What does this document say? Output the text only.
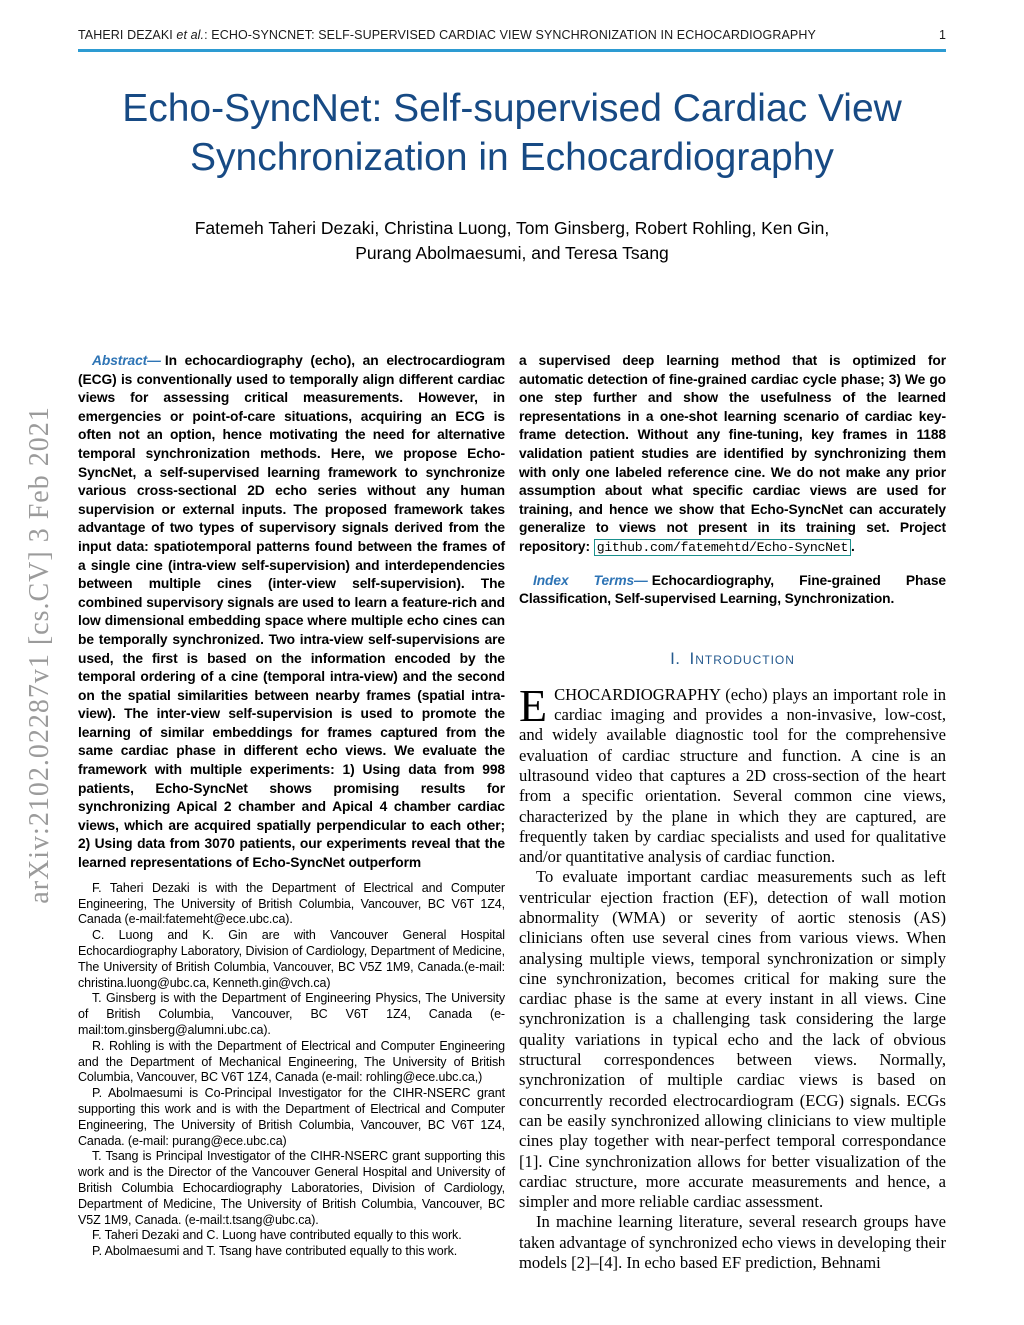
TAHERI DEZAKI et al.: ECHO-SYNCNET: SELF-SUPERVISED CARDIAC VIEW SYNCHRONIZATION IN ECHOCARDIOGRAPHY	1
arXiv:2102.02287v1 [cs.CV] 3 Feb 2021
Echo-SyncNet: Self-supervised Cardiac View
Synchronization in Echocardiography
Fatemeh Taheri Dezaki, Christina Luong, Tom Ginsberg, Robert Rohling, Ken Gin,
Purang Abolmaesumi, and Teresa Tsang

Abstract— In echocardiography (echo), an electrocardiogram (ECG) is conventionally used to temporally align different cardiac views for assessing critical measurements. However, in emergencies or point-of-care situations, acquiring an ECG is often not an option, hence motivating the need for alternative temporal synchronization methods. Here, we propose Echo-SyncNet, a self-supervised learning framework to synchronize various cross-sectional 2D echo series without any human supervision or external inputs. The proposed framework takes advantage of two types of supervisory signals derived from the input data: spatiotemporal patterns found between the frames of a single cine (intra-view self-supervision) and interdependencies between multiple cines (inter-view self-supervision). The combined supervisory signals are used to learn a feature-rich and low dimensional embedding space where multiple echo cines can be temporally synchronized. Two intra-view self-supervisions are used, the first is based on the information encoded by the temporal ordering of a cine (temporal intra-view) and the second on the spatial similarities between nearby frames (spatial intra-view). The inter-view self-supervision is used to promote the learning of similar embeddings for frames captured from the same cardiac phase in different echo views. We evaluate the framework with multiple experiments: 1) Using data from 998 patients, Echo-SyncNet shows promising results for synchronizing Apical 2 chamber and Apical 4 chamber cardiac views, which are acquired spatially perpendicular to each other; 2) Using data from 3070 patients, our experiments reveal that the learned representations of Echo-SyncNet outperform

F. Taheri Dezaki is with the Department of Electrical and Computer Engineering, The University of British Columbia, Vancouver, BC V6T 1Z4, Canada (e-mail:fatemeht@ece.ubc.ca).

C. Luong and K. Gin are with Vancouver General Hospital Echocardiography Laboratory, Division of Cardiology, Department of Medicine, The University of British Columbia, Vancouver, BC V5Z 1M9, Canada.(e-mail: christina.luong@ubc.ca, Kenneth.gin@vch.ca)

T. Ginsberg is with the Department of Engineering Physics, The University of British Columbia, Vancouver, BC V6T 1Z4, Canada (e-mail:tom.ginsberg@alumni.ubc.ca).

R. Rohling is with the Department of Electrical and Computer Engineering and the Department of Mechanical Engineering, The University of British Columbia, Vancouver, BC V6T 1Z4, Canada (e-mail: rohling@ece.ubc.ca,)

P. Abolmaesumi is Co-Principal Investigator for the CIHR-NSERC grant supporting this work and is with the Department of Electrical and Computer Engineering, The University of British Columbia, Vancouver, BC V6T 1Z4, Canada. (e-mail: purang@ece.ubc.ca)

T. Tsang is Principal Investigator of the CIHR-NSERC grant supporting this work and is the Director of the Vancouver General Hospital and University of British Columbia Echocardiography Laboratories, Division of Cardiology, Department of Medicine, The University of British Columbia, Vancouver, BC V5Z 1M9, Canada. (e-mail:t.tsang@ubc.ca).

F. Taheri Dezaki and C. Luong have contributed equally to this work.

P. Abolmaesumi and T. Tsang have contributed equally to this work.

a supervised deep learning method that is optimized for automatic detection of fine-grained cardiac cycle phase; 3) We go one step further and show the usefulness of the learned representations in a one-shot learning scenario of cardiac key-frame detection. Without any fine-tuning, key frames in 1188 validation patient studies are identified by synchronizing them with only one labeled reference cine. We do not make any prior assumption about what specific cardiac views are used for training, and hence we show that Echo-SyncNet can accurately generalize to views not present in its training set. Project repository: github.com/fatemehtd/Echo-SyncNet .

Index Terms— Echocardiography, Fine-grained Phase Classification, Self-supervised Learning, Synchronization.

I. Introduction

ECHOCARDIOGRAPHY (echo) plays an important role in cardiac imaging and provides a non-invasive, low-cost, and widely available diagnostic tool for the comprehensive evaluation of cardiac structure and function. A cine is an ultrasound video that captures a 2D cross-section of the heart from a specific orientation. Several common cine views, characterized by the plane in which they are captured, are frequently taken by cardiac specialists and used for qualitative and/or quantitative analysis of cardiac function.

To evaluate important cardiac measurements such as left ventricular ejection fraction (EF), detection of wall motion abnormality (WMA) or severity of aortic stenosis (AS) clinicians often use several cines from various views. When analysing multiple views, temporal synchronization or simply cine synchronization, becomes critical for making sure the cardiac phase is the same at every instant in all views. Cine synchronization is a challenging task considering the large quality variations in typical echo and the lack of obvious structural correspondences between views. Normally, synchronization of multiple cardiac views is based on concurrently recorded electrocardiogram (ECG) signals. ECGs can be easily synchronized allowing clinicians to view multiple cines play together with near-perfect temporal correspondance [1]. Cine synchronization allows for better visualization of the cardiac structure, more accurate measurements and hence, a simpler and more reliable cardiac assessment.

In machine learning literature, several research groups have taken advantage of synchronized echo views in developing their models [2]–[4]. In echo based EF prediction, Behnami
